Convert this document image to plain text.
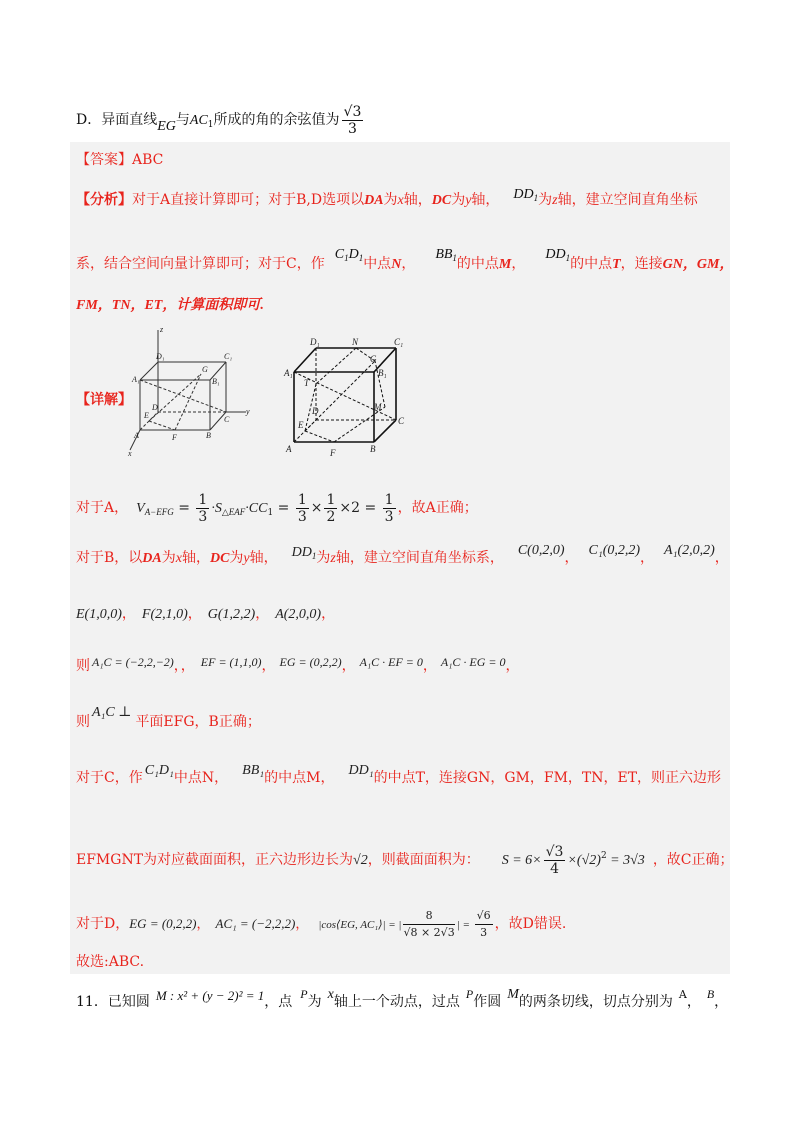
D．异面直线EG与$AC_1$所成的角的余弦值为 $\frac{√3}{3}$
【答案】ABC
【分析】对于A直接计算即可；对于B,D选项以DA为x轴，DC为y轴， $DD^1$为z轴，建立空间直角坐标
系，结合空间向量计算即可；对于C，作$C_1D_1$中点N，$BB_1$的中点M，$DD_1$的中点T，连接GN，GM，
FM，TN，ET，计算面积即可.
【详解】
z
D₁	C₁
A₁
G
B₁
D
E	C
y
A	F	B
x
D₁	N	C₁
A₁
G
B₁
T
D	M
E	C
A	F	B
对于A， $V_{A-EFG} = \frac{1}{3} \cdot S_{\triangle EAF}\cdot CC_1 = \frac{1}{3} \times \frac{1}{2} \times 2 = \frac{1}{3}$ ，故A正确；
对于B，以DA为x轴，DC为y轴， $DD_1$为z轴，建立空间直角坐标系， C(0,2,0)， C₁(0,2,2)， A₁(2,0,2)，
E(1,0,0)， F(2,1,0)， G(1,2,2)， A(2,0,0)，
则 A₁C = (−2,2,−2)，， EF = (1,1,0)， EG = (0,2,2)， A₁C · EF = 0， A₁C · EG = 0，
则A₁C ⊥平面EFG，B正确；
对于C，作 C₁D₁中点N， BB₁的中点M， DD₁的中点T，连接GN，GM，FM，TN，ET，则正六边形
EFMGNT为对应截面面积，正六边形边长为√2，则截面面积为： $S = 6\times \frac{√3}{4} \times(√2)^2 = 3√3$ ，故C正确；
对于D，EG = (0,2,2)， AC₁ = (−2,2,2)， |cos⟨EG, AC₁⟩| = | $\frac{8}{√8 \times 2√3}$ | = $\frac{√6}{3}$ ，故D错误.
故选:ABC.
11．已知圆 M : x² + (y − 2)² = 1，点 P为 x轴上一个动点，过点 P作圆 M的两条切线，切点分别为 $^A$， B，
